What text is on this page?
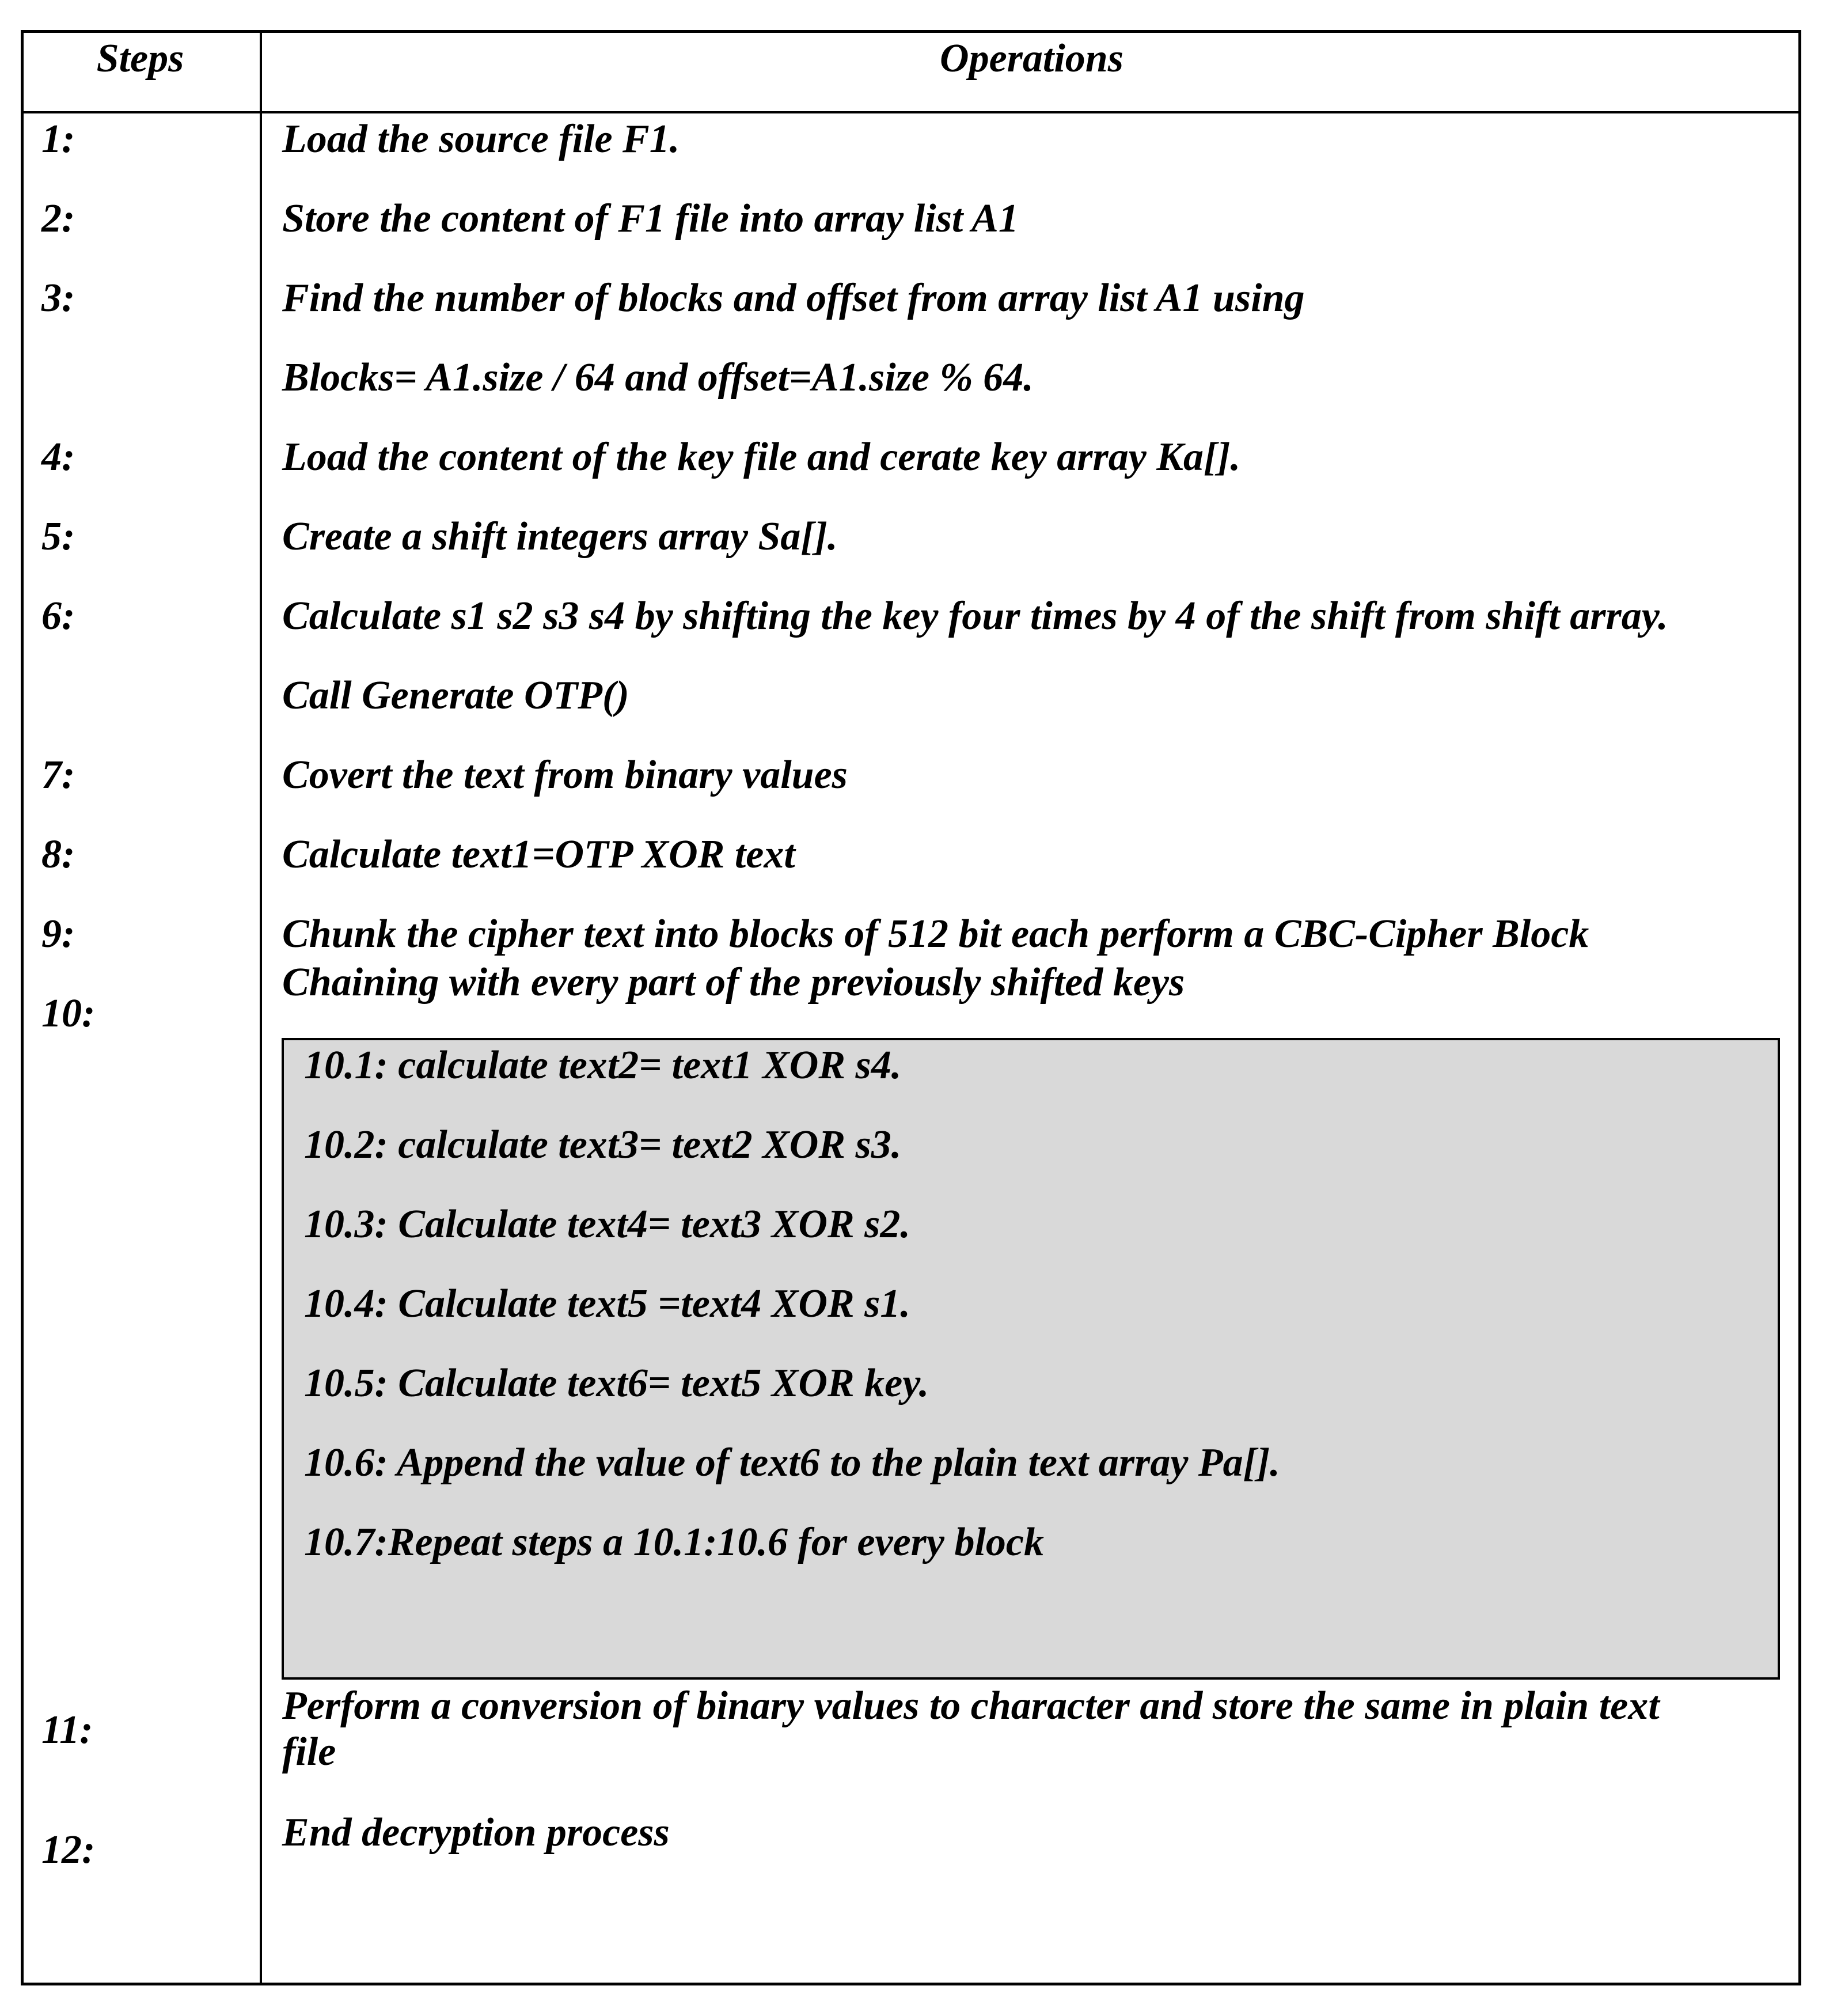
Steps	Operations
1:
2:
3:
4:
5:
6:
7:
8:
9:
10:
11:
12:
Load the source file F1.
Store the content of F1 file into array list A1
Find the number of blocks and offset from array list A1 using
Blocks= A1.size / 64 and offset=A1.size % 64.
Load the content of the key file and cerate key array Ka[].
Create a shift integers array Sa[].
Calculate s1 s2 s3 s4 by shifting the key four times by 4 of the shift from shift array.
Call Generate OTP()
Covert the text from binary values
Calculate text1=OTP XOR text
Chunk the cipher text into blocks of 512 bit each perform a CBC-Cipher Block
Chaining with every part of the previously shifted keys
10.1: calculate text2= text1 XOR s4.
10.2: calculate text3= text2 XOR s3.
10.3: Calculate text4= text3 XOR s2.
10.4: Calculate text5 =text4 XOR s1.
10.5: Calculate text6= text5 XOR key.
10.6: Append the value of text6 to the plain text array Pa[].
10.7:Repeat steps a 10.1:10.6 for every block
Perform a conversion of binary values to character and store the same in plain text
file
End decryption process
